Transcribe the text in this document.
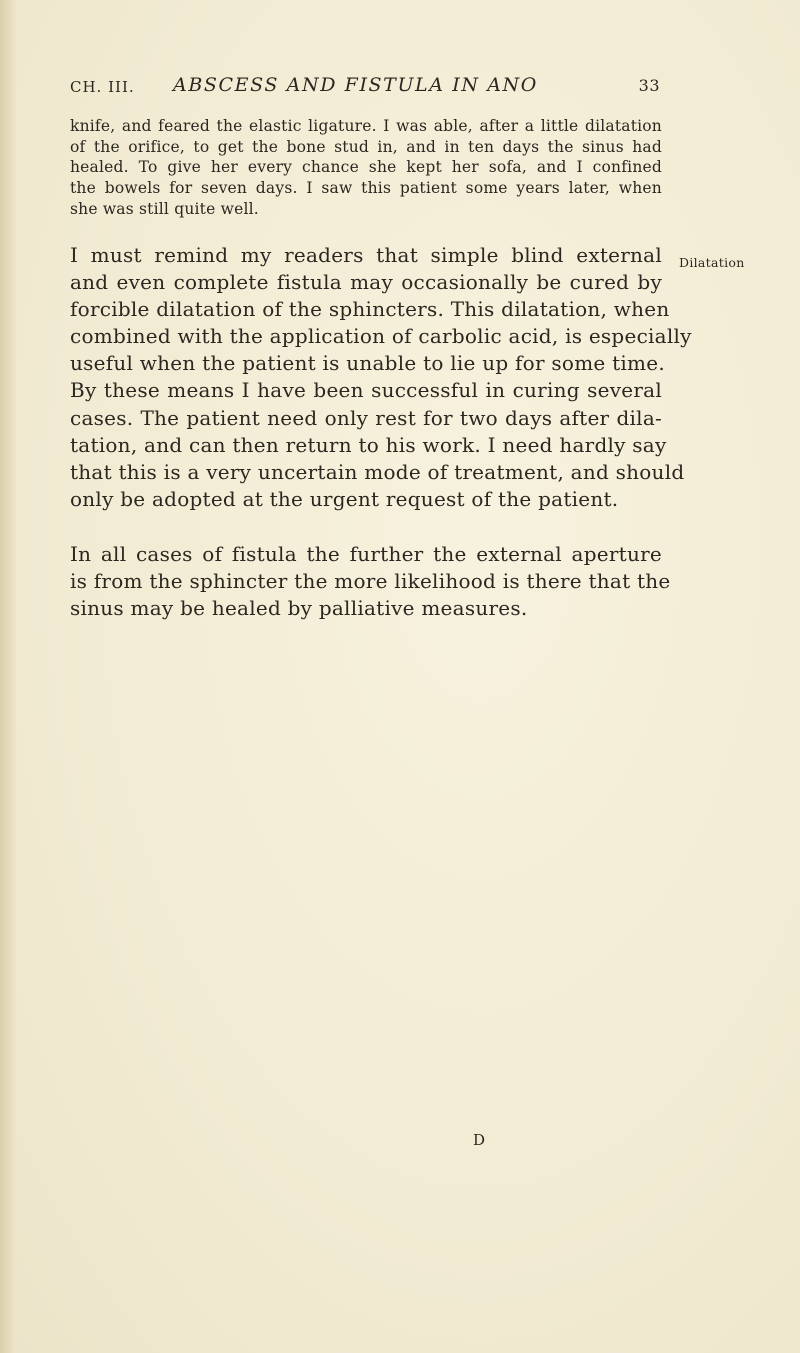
CH. III. ABSCESS AND FISTULA IN ANO	33

knife, and feared the elastic ligature. I was able, after a little dilatation
of the orifice, to get the bone stud in, and in ten days the sinus had
healed. To give her every chance she kept her sofa, and I confined
the bowels for seven days. I saw this patient some years later, when
she was still quite well.

Dilatation

I must remind my readers that simple blind external
and even complete fistula may occasionally be cured by
forcible dilatation of the sphincters. This dilatation, when
combined with the application of carbolic acid, is especially
useful when the patient is unable to lie up for some time.
By these means I have been successful in curing several
cases. The patient need only rest for two days after dila-
tation, and can then return to his work. I need hardly say
that this is a very uncertain mode of treatment, and should
only be adopted at the urgent request of the patient.

In all cases of fistula the further the external aperture
is from the sphincter the more likelihood is there that the
sinus may be healed by palliative measures.

D
